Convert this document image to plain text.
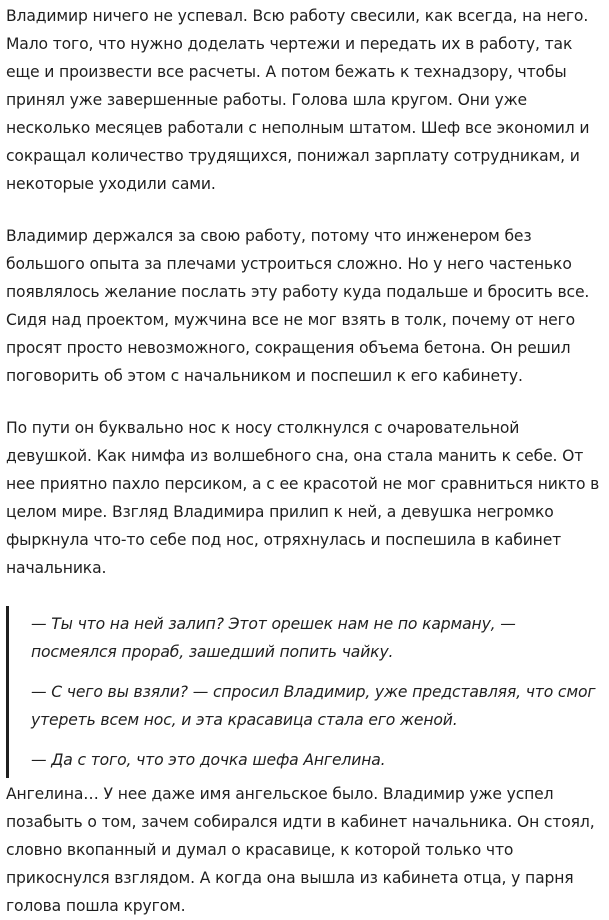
Владимир ничего не успевал. Всю работу свесили, как всегда, на него. Мало того, что нужно доделать чертежи и передать их в работу, так еще и произвести все расчеты. А потом бежать к технадзору, чтобы принял уже завершенные работы. Голова шла кругом. Они уже несколько месяцев работали с неполным штатом. Шеф все экономил и сокращал количество трудящихся, понижал зарплату сотрудникам, и некоторые уходили сами.

Владимир держался за свою работу, потому что инженером без большого опыта за плечами устроиться сложно. Но у него частенько появлялось желание послать эту работу куда подальше и бросить все. Сидя над проектом, мужчина все не мог взять в толк, почему от него просят просто невозможного, сокращения объема бетона. Он решил поговорить об этом с начальником и поспешил к его кабинету.

По пути он буквально нос к носу столкнулся с очаровательной девушкой. Как нимфа из волшебного сна, она стала манить к себе. От нее приятно пахло персиком, а с ее красотой не мог сравниться никто в целом мире. Взгляд Владимира прилип к ней, а девушка негромко фыркнула что-то себе под нос, отряхнулась и поспешила в кабинет начальника.

— Ты что на ней залип? Этот орешек нам не по карману, — посмеялся прораб, зашедший попить чайку.

— С чего вы взяли? — спросил Владимир, уже представляя, что смог утереть всем нос, и эта красавица стала его женой.

— Да с того, что это дочка шефа Ангелина.

Ангелина… У нее даже имя ангельское было. Владимир уже успел позабыть о том, зачем собирался идти в кабинет начальника. Он стоял, словно вкопанный и думал о красавице, к которой только что прикоснулся взглядом. А когда она вышла из кабинета отца, у парня голова пошла кругом.
